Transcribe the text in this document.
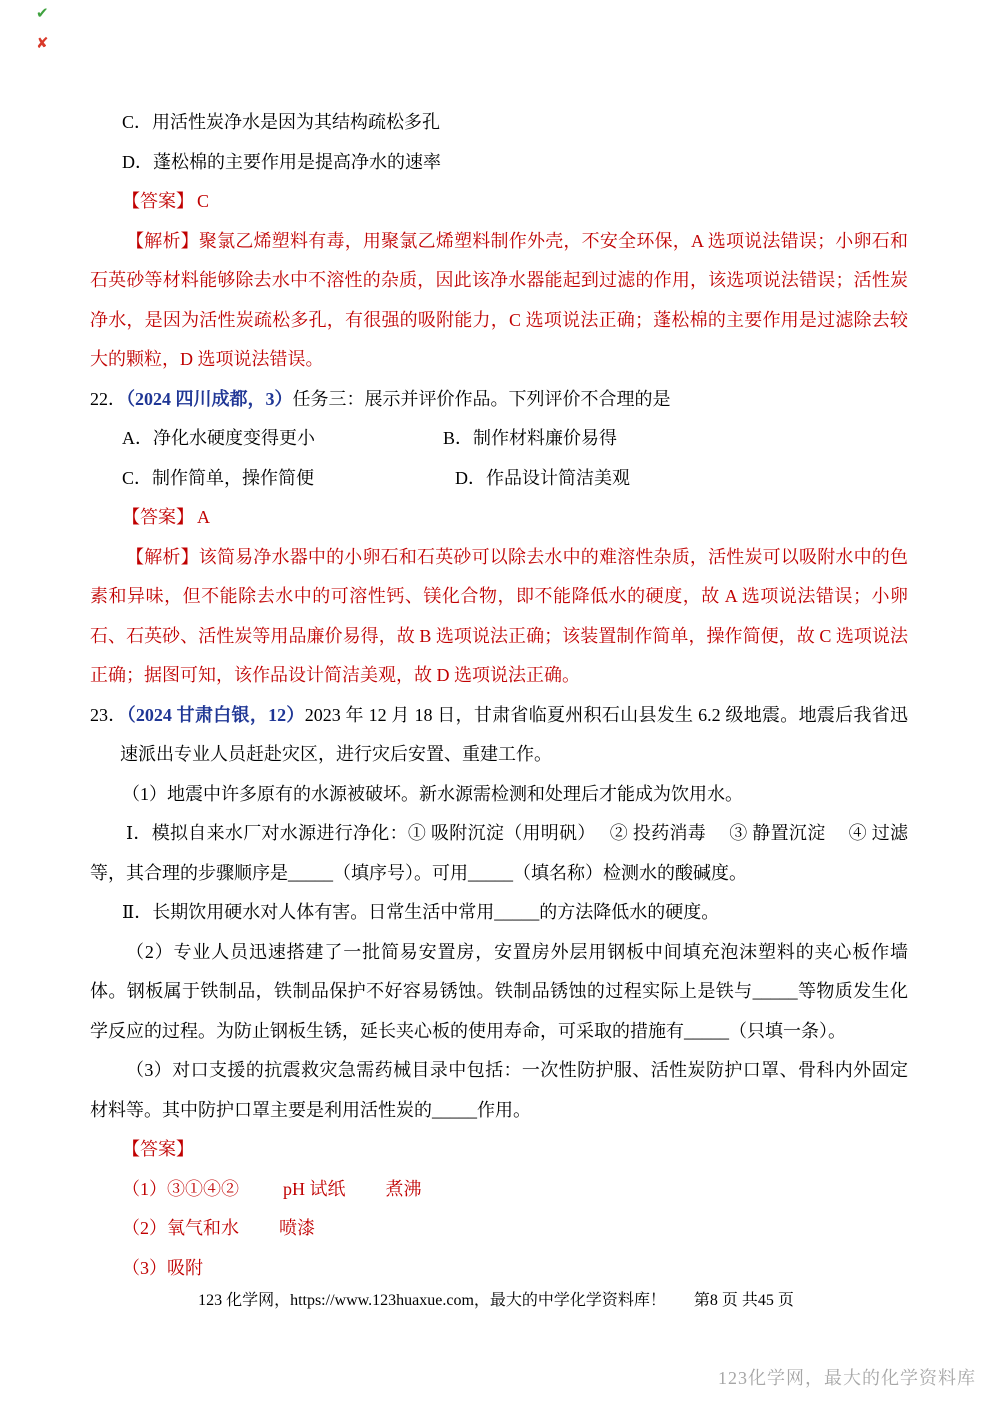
✔
✘

C．用活性炭净水是因为其结构疏松多孔

D．蓬松棉的主要作用是提高净水的速率

【答案】 C

【解析】聚氯乙烯塑料有毒，用聚氯乙烯塑料制作外壳，不安全环保，A 选项说法错误；小卵石和石英砂等材料能够除去水中不溶性的杂质，因此该净水器能起到过滤的作用，该选项说法错误；活性炭净水，是因为活性炭疏松多孔，有很强的吸附能力，C 选项说法正确；蓬松棉的主要作用是过滤除去较大的颗粒，D 选项说法错误。

22．（2024 四川成都，3）任务三：展示并评价作品。下列评价不合理的是

A．净化水硬度变得更小	B．制作材料廉价易得
C．制作简单，操作简便	D．作品设计简洁美观

【答案】 A

【解析】该简易净水器中的小卵石和石英砂可以除去水中的难溶性杂质，活性炭可以吸附水中的色素和异味，但不能除去水中的可溶性钙、镁化合物，即不能降低水的硬度，故 A 选项说法错误；小卵石、石英砂、活性炭等用品廉价易得，故 B 选项说法正确；该装置制作简单，操作简便，故 C 选项说法正确；据图可知，该作品设计简洁美观，故 D 选项说法正确。

23．（2024 甘肃白银，12）2023 年 12 月 18 日，甘肃省临夏州积石山县发生 6.2 级地震。地震后我省迅速派出专业人员赶赴灾区，进行灾后安置、重建工作。

（1）地震中许多原有的水源被破坏。新水源需检测和处理后才能成为饮用水。

Ⅰ．模拟自来水厂对水源进行净化：① 吸附沉淀（用明矾）　 ② 投药消毒　 ③ 静置沉淀　 ④ 过滤等，其合理的步骤顺序是_____（填序号）。可用_____（填名称）检测水的酸碱度。

Ⅱ．长期饮用硬水对人体有害。日常生活中常用_____的方法降低水的硬度。

（2）专业人员迅速搭建了一批简易安置房，安置房外层用钢板中间填充泡沫塑料的夹心板作墙体。钢板属于铁制品，铁制品保护不好容易锈蚀。铁制品锈蚀的过程实际上是铁与_____等物质发生化学反应的过程。为防止钢板生锈，延长夹心板的使用寿命，可采取的措施有_____（只填一条）。

（3）对口支援的抗震救灾急需药械目录中包括：一次性防护服、活性炭防护口罩、骨科内外固定材料等。其中防护口罩主要是利用活性炭的_____作用。

【答案】

（1）③①④② pH 试纸 煮沸

（2）氧气和水 喷漆

（3）吸附

123 化学网，https://www.123huaxue.com，最大的中学化学资料库！ 第8 页 共45 页
123化学网，最大的化学资料库
